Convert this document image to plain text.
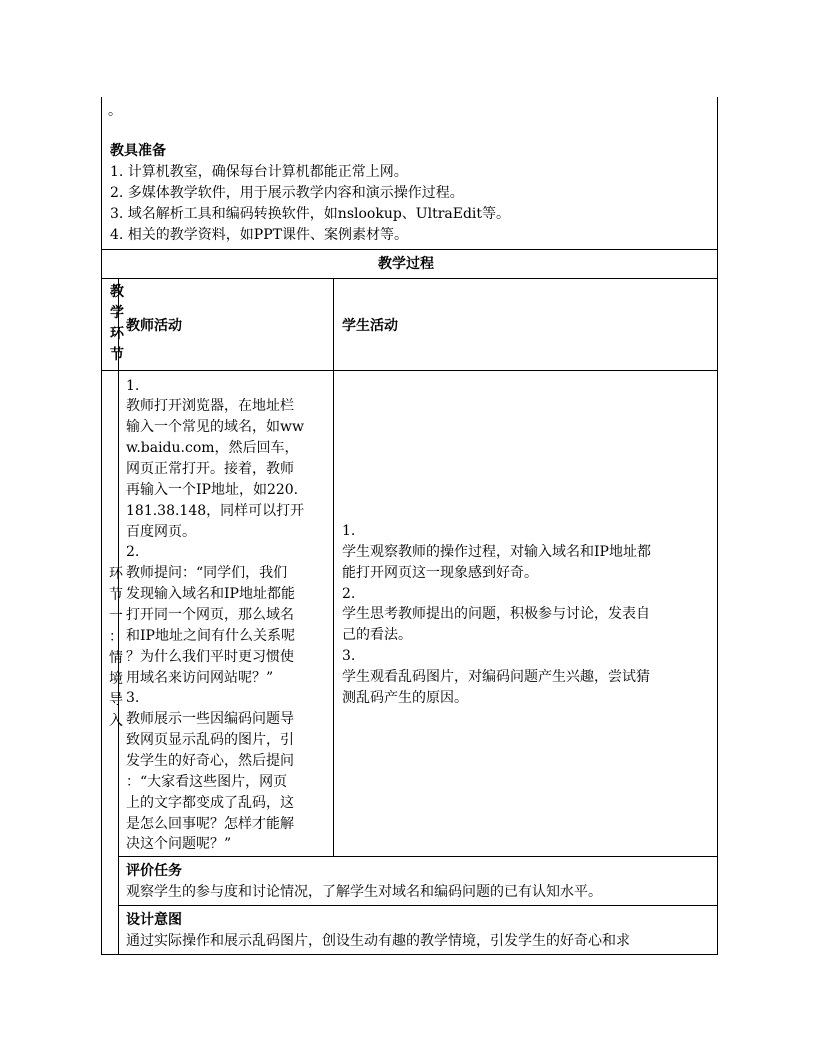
。
教具准备
1. 计算机教室，确保每台计算机都能正常上网。
2. 多媒体教学软件，用于展示教学内容和演示操作过程。
3. 域名解析工具和编码转换软件，如nslookup、UltraEdit等。
4. 相关的教学资料，如PPT课件、案例素材等。
教学过程
教
学
环
节
教师活动	学生活动
环
节
一
：
情
境
导
入
1.
教师打开浏览器，在地址栏
输入一个常见的域名，如ww
w.baidu.com，然后回车，
网页正常打开。接着，教师
再输入一个IP地址，如220.
181.38.148，同样可以打开
百度网页。
2.
教师提问：“同学们，我们
发现输入域名和IP地址都能
打开同一个网页，那么域名
和IP地址之间有什么关系呢
？为什么我们平时更习惯使
用域名来访问网站呢？”
3.
教师展示一些因编码问题导
致网页显示乱码的图片，引
发学生的好奇心，然后提问
：“大家看这些图片，网页
上的文字都变成了乱码，这
是怎么回事呢？怎样才能解
决这个问题呢？”
1.
学生观察教师的操作过程，对输入域名和IP地址都
能打开网页这一现象感到好奇。
2.
学生思考教师提出的问题，积极参与讨论，发表自
己的看法。
3.
学生观看乱码图片，对编码问题产生兴趣，尝试猜
测乱码产生的原因。
评价任务
观察学生的参与度和讨论情况，了解学生对域名和编码问题的已有认知水平。
设计意图
通过实际操作和展示乱码图片，创设生动有趣的教学情境，引发学生的好奇心和求
